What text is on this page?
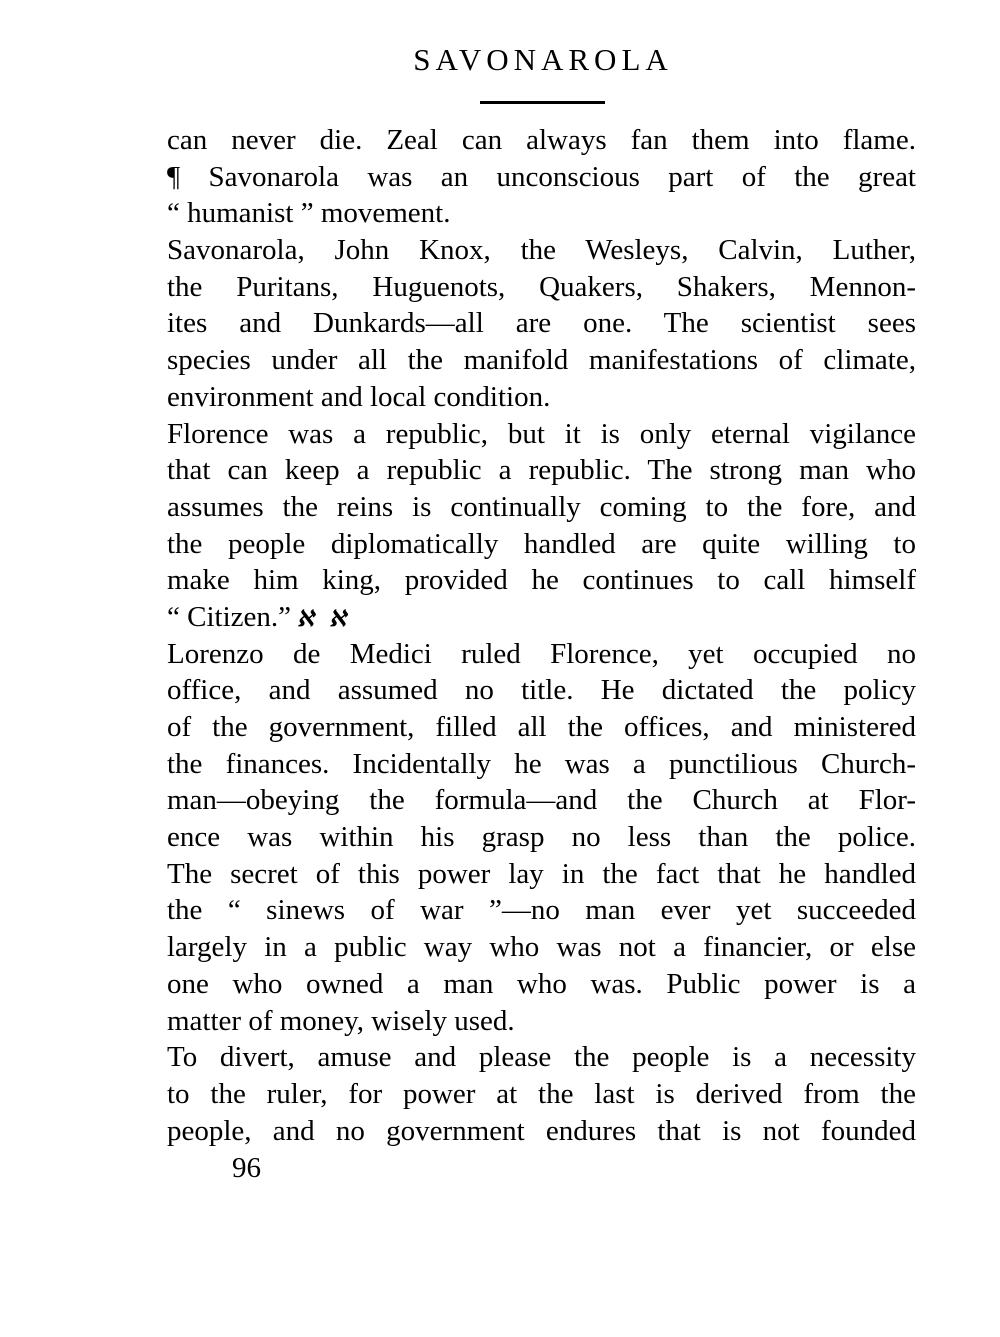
SAVONAROLA
can never die. Zeal can always fan them into flame.
¶ Savonarola was an unconscious part of the great
“ humanist ” movement.
Savonarola, John Knox, the Wesleys, Calvin, Luther,
the Puritans, Huguenots, Quakers, Shakers, Mennon-
ites and Dunkards—all are one. The scientist sees
species under all the manifold manifestations of climate,
environment and local condition.
Florence was a republic, but it is only eternal vigilance
that can keep a republic a republic. The strong man who
assumes the reins is continually coming to the fore, and
the people diplomatically handled are quite willing to
make him king, provided he continues to call himself
“ Citizen.” ℵ ℵ
Lorenzo de Medici ruled Florence, yet occupied no
office, and assumed no title. He dictated the policy
of the government, filled all the offices, and ministered
the finances. Incidentally he was a punctilious Church-
man—obeying the formula—and the Church at Flor-
ence was within his grasp no less than the police.
The secret of this power lay in the fact that he handled
the “ sinews of war ”—no man ever yet succeeded
largely in a public way who was not a financier, or else
one who owned a man who was. Public power is a
matter of money, wisely used.
To divert, amuse and please the people is a necessity
to the ruler, for power at the last is derived from the
people, and no government endures that is not founded
96
